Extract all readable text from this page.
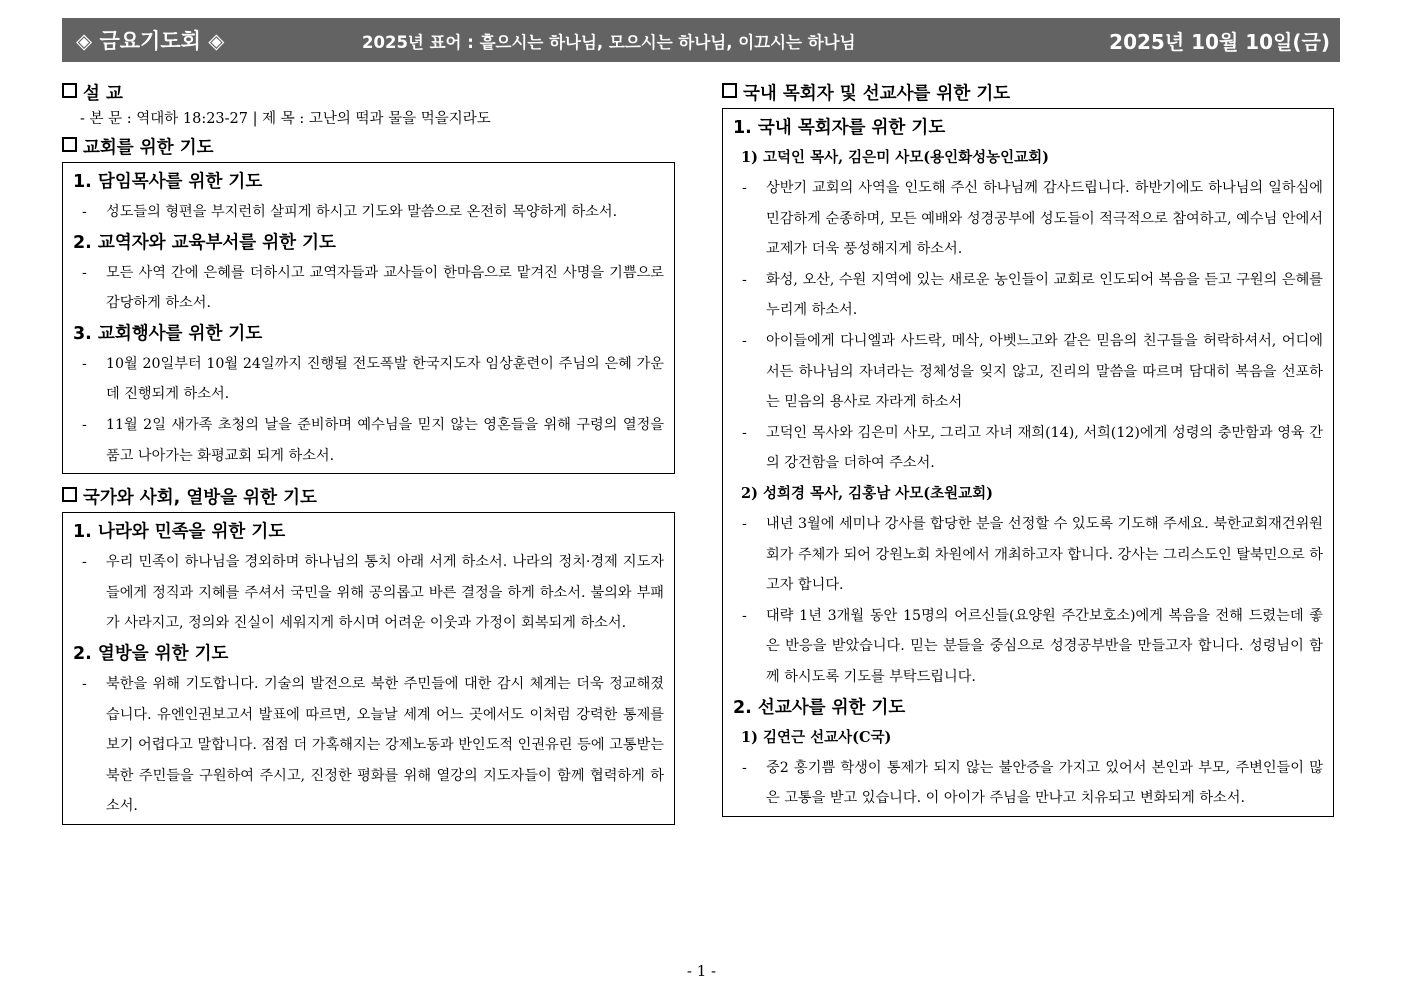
◈ 금요기도회 ◈	2025년 표어 : 흩으시는 하나님, 모으시는 하나님, 이끄시는 하나님	2025년 10월 10일(금)
설 교
- 본 문 : 역대하 18:23-27 | 제 목 : 고난의 떡과 물을 먹을지라도
교회를 위한 기도
1. 담임목사를 위한 기도
- 성도들의 형편을 부지런히 살피게 하시고 기도와 말씀으로 온전히 목양하게 하소서.
2. 교역자와 교육부서를 위한 기도
- 모든 사역 간에 은혜를 더하시고 교역자들과 교사들이 한마음으로 맡겨진 사명을 기쁨으로 감당하게 하소서.
3. 교회행사를 위한 기도
- 10월 20일부터 10월 24일까지 진행될 전도폭발 한국지도자 임상훈련이 주님의 은혜 가운데 진행되게 하소서.
- 11월 2일 새가족 초청의 날을 준비하며 예수님을 믿지 않는 영혼들을 위해 구령의 열정을 품고 나아가는 화평교회 되게 하소서.
국가와 사회, 열방을 위한 기도
1. 나라와 민족을 위한 기도
- 우리 민족이 하나님을 경외하며 하나님의 통치 아래 서게 하소서. 나라의 정치·경제 지도자들에게 정직과 지혜를 주셔서 국민을 위해 공의롭고 바른 결정을 하게 하소서. 불의와 부패가 사라지고, 정의와 진실이 세워지게 하시며 어려운 이웃과 가정이 회복되게 하소서.
2. 열방을 위한 기도
- 북한을 위해 기도합니다. 기술의 발전으로 북한 주민들에 대한 감시 체계는 더욱 정교해졌습니다. 유엔인권보고서 발표에 따르면, 오늘날 세계 어느 곳에서도 이처럼 강력한 통제를 보기 어렵다고 말합니다. 점점 더 가혹해지는 강제노동과 반인도적 인권유린 등에 고통받는 북한 주민들을 구원하여 주시고, 진정한 평화를 위해 열강의 지도자들이 함께 협력하게 하소서.
국내 목회자 및 선교사를 위한 기도
1. 국내 목회자를 위한 기도
1) 고덕인 목사, 김은미 사모(용인화성농인교회)
- 상반기 교회의 사역을 인도해 주신 하나님께 감사드립니다. 하반기에도 하나님의 일하심에 민감하게 순종하며, 모든 예배와 성경공부에 성도들이 적극적으로 참여하고, 예수님 안에서 교제가 더욱 풍성해지게 하소서.
- 화성, 오산, 수원 지역에 있는 새로운 농인들이 교회로 인도되어 복음을 듣고 구원의 은혜를 누리게 하소서.
- 아이들에게 다니엘과 사드락, 메삭, 아벳느고와 같은 믿음의 친구들을 허락하셔서, 어디에서든 하나님의 자녀라는 정체성을 잊지 않고, 진리의 말씀을 따르며 담대히 복음을 선포하는 믿음의 용사로 자라게 하소서
- 고덕인 목사와 김은미 사모, 그리고 자녀 재희(14), 서희(12)에게 성령의 충만함과 영육 간의 강건함을 더하여 주소서.
2) 성희경 목사, 김홍남 사모(초원교회)
- 내년 3월에 세미나 강사를 합당한 분을 선정할 수 있도록 기도해 주세요. 북한교회재건위원회가 주체가 되어 강원노회 차원에서 개최하고자 합니다. 강사는 그리스도인 탈북민으로 하고자 합니다.
- 대략 1년 3개월 동안 15명의 어르신들(요양원 주간보호소)에게 복음을 전해 드렸는데 좋은 반응을 받았습니다. 믿는 분들을 중심으로 성경공부반을 만들고자 합니다. 성령님이 함께 하시도록 기도를 부탁드립니다.
2. 선교사를 위한 기도
1) 김연근 선교사(C국)
- 중2 홍기쁨 학생이 통제가 되지 않는 불안증을 가지고 있어서 본인과 부모, 주변인들이 많은 고통을 받고 있습니다. 이 아이가 주님을 만나고 치유되고 변화되게 하소서.
- 1 -
